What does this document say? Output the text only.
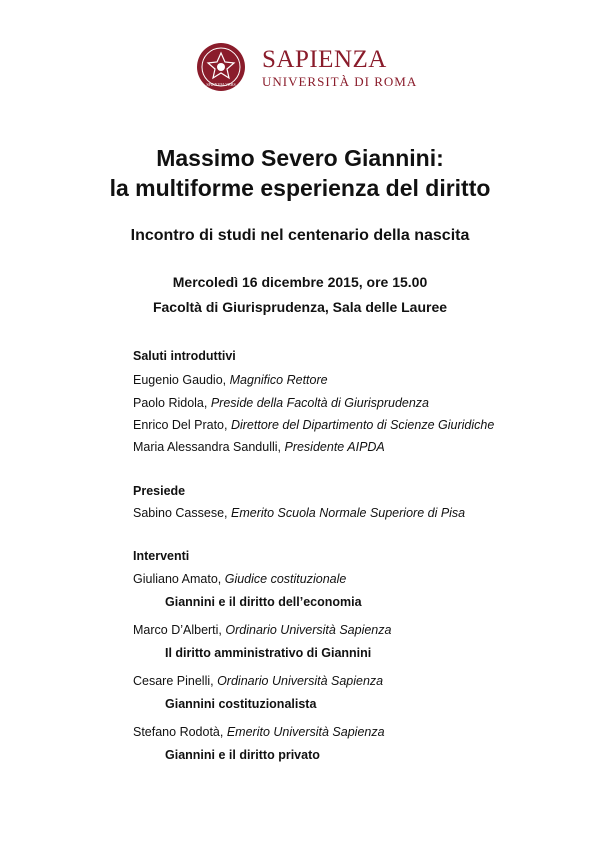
SPIENVM·VRBS
SAPIENZA
UNIVERSITÀ DI ROMA
Massimo Severo Giannini:
la multiforme esperienza del diritto
Incontro di studi nel centenario della nascita
Mercoledì 16 dicembre 2015, ore 15.00
Facoltà di Giurisprudenza, Sala delle Lauree
Saluti introduttivi
Eugenio Gaudio, Magnifico Rettore
Paolo Ridola, Preside della Facoltà di Giurisprudenza
Enrico Del Prato, Direttore del Dipartimento di Scienze Giuridiche
Maria Alessandra Sandulli, Presidente AIPDA
Presiede
Sabino Cassese, Emerito Scuola Normale Superiore di Pisa
Interventi
Giuliano Amato, Giudice costituzionale
Giannini e il diritto dell’economia
Marco D’Alberti, Ordinario Università Sapienza
Il diritto amministrativo di Giannini
Cesare Pinelli, Ordinario Università Sapienza
Giannini costituzionalista
Stefano Rodotà, Emerito Università Sapienza
Giannini e il diritto privato
